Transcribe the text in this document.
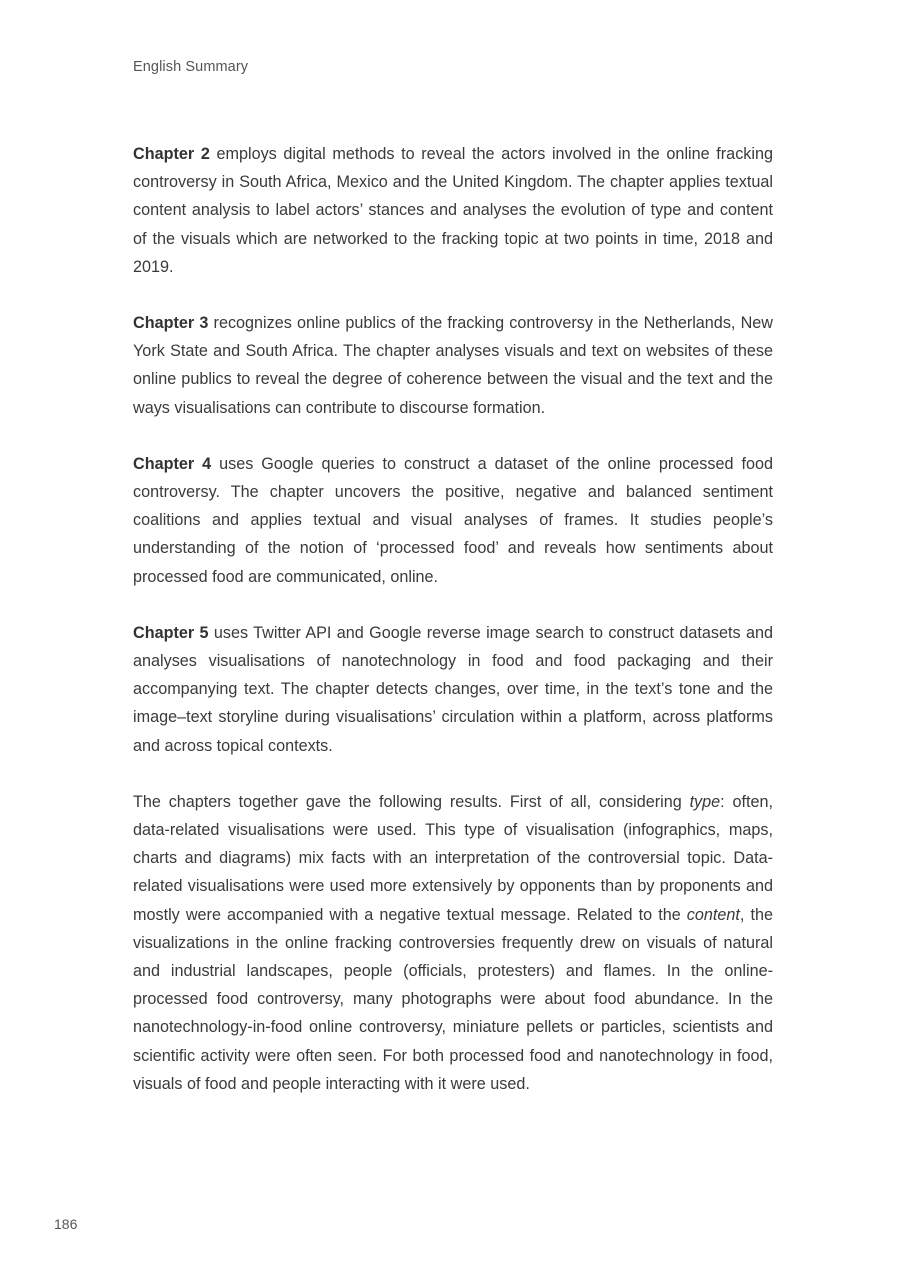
English Summary

Chapter 2 employs digital methods to reveal the actors involved in the online fracking controversy in South Africa, Mexico and the United Kingdom. The chapter applies textual content analysis to label actors’ stances and analyses the evolution of type and content of the visuals which are networked to the fracking topic at two points in time, 2018 and 2019.

Chapter 3 recognizes online publics of the fracking controversy in the Netherlands, New York State and South Africa. The chapter analyses visuals and text on websites of these online publics to reveal the degree of coherence between the visual and the text and the ways visualisations can contribute to discourse formation.

Chapter 4 uses Google queries to construct a dataset of the online processed food controversy. The chapter uncovers the positive, negative and balanced sentiment coalitions and applies textual and visual analyses of frames. It studies people’s understanding of the notion of ‘processed food’ and reveals how sentiments about processed food are communicated, online.

Chapter 5 uses Twitter API and Google reverse image search to construct datasets and analyses visualisations of nanotechnology in food and food packaging and their accompanying text. The chapter detects changes, over time, in the text’s tone and the image–text storyline during visualisations’ circulation within a platform, across platforms and across topical contexts.

The chapters together gave the following results. First of all, considering type: often, data-related visualisations were used. This type of visualisation (infographics, maps, charts and diagrams) mix facts with an interpretation of the controversial topic. Data-related visualisations were used more extensively by opponents than by proponents and mostly were accompanied with a negative textual message. Related to the content, the visualizations in the online fracking controversies frequently drew on visuals of natural and industrial landscapes, people (officials, protesters) and flames. In the online-processed food controversy, many photographs were about food abundance. In the nanotechnology-in-food online controversy, miniature pellets or particles, scientists and scientific activity were often seen. For both processed food and nanotechnology in food, visuals of food and people interacting with it were used.

186
